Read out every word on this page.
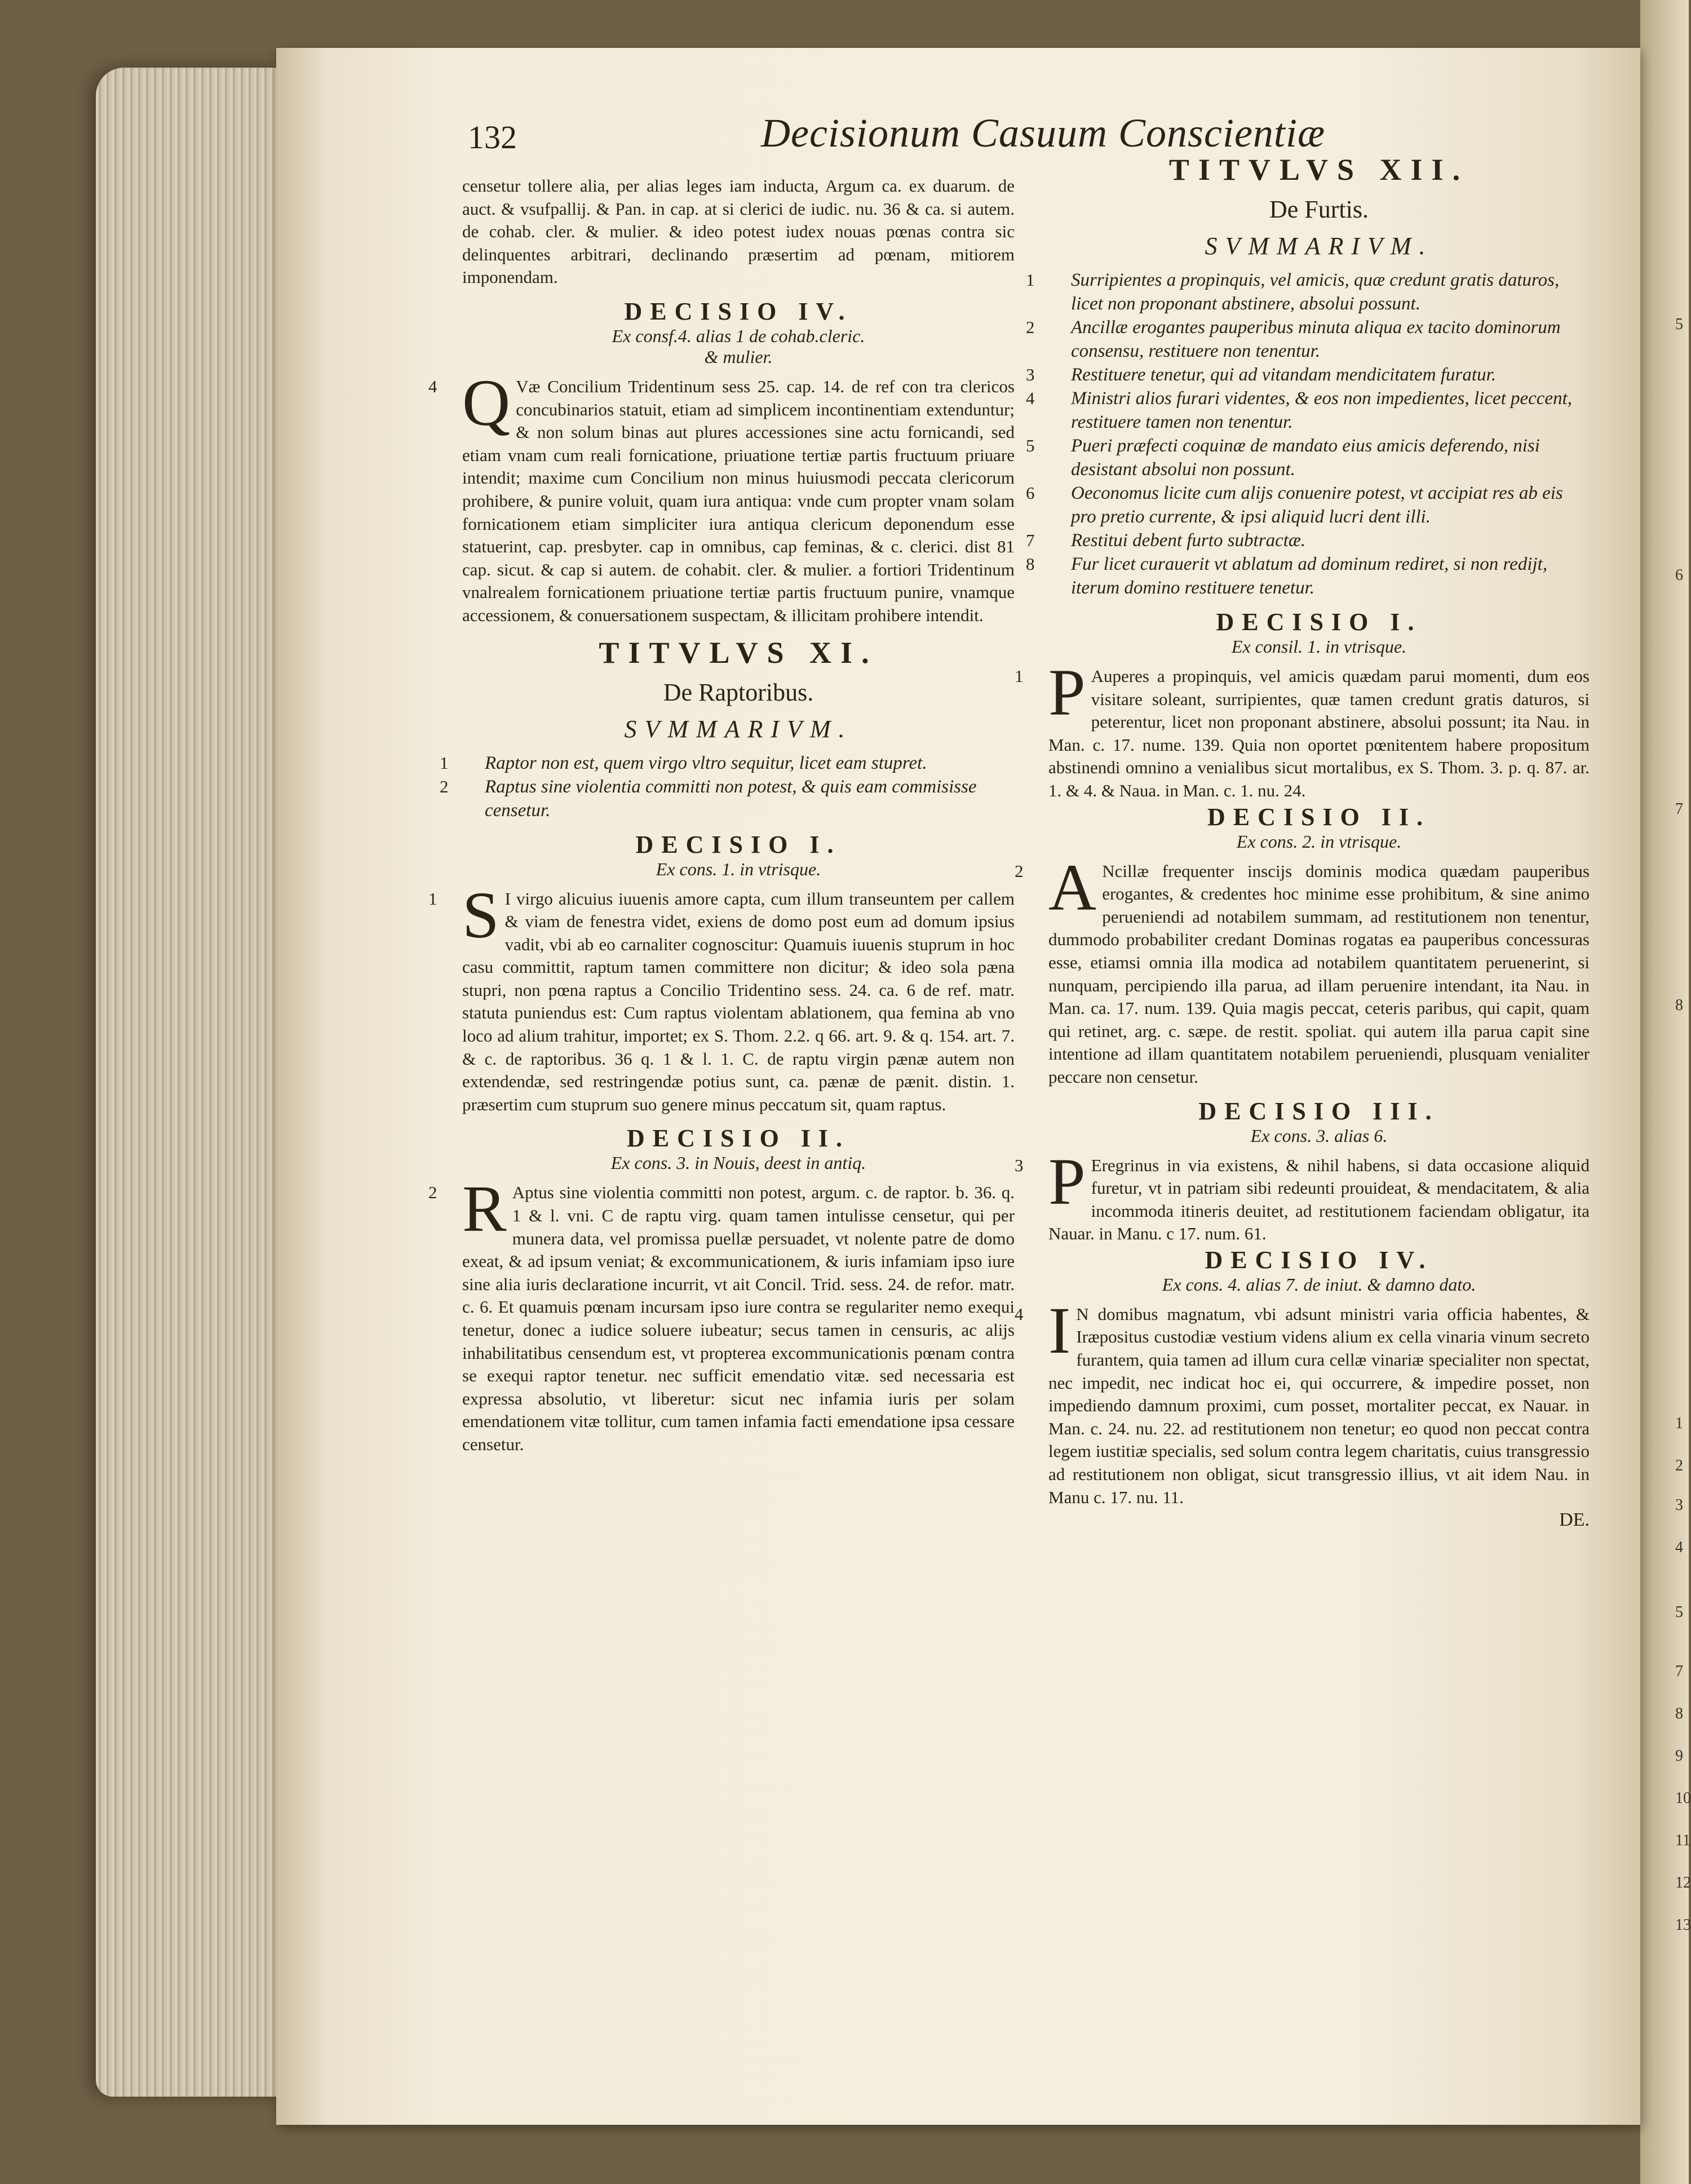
5
6
7
8
1
2
3
4
5
7
8
9
10
11
12
13
132	Decisionum Casuum Conscientiæ

censetur tollere alia, per alias leges iam inducta, Argum ca. ex duarum. de auct. & vsufpallij. & Pan. in cap. at si clerici de iudic. nu. 36 & ca. si autem. de cohab. cler. & mulier. & ideo potest iudex nouas pœnas contra sic delinquentes arbitrari, declinando præsertim ad pœnam, mitiorem imponendam.

DECISIO IV.

Ex consf.4. alias 1 de cohab.cleric.

& mulier.

4 Q Væ Concilium Tridentinum sess 25. cap. 14. de ref con tra clericos concubinarios statuit, etiam ad simplicem incontinentiam extenduntur; & non solum binas aut plures accessiones sine actu fornicandi, sed etiam vnam cum reali fornicatione, priuatione tertiæ partis fructuum priuare intendit; maxime cum Concilium non minus huiusmodi peccata clericorum prohibere, & punire voluit, quam iura antiqua: vnde cum propter vnam solam fornicationem etiam simpliciter iura antiqua clericum deponendum esse statuerint, cap. presbyter. cap in omnibus, cap feminas, & c. clerici. dist 81 cap. sicut. & cap si autem. de cohabit. cler. & mulier. a fortiori Tridentinum vnalrealem fornicationem priuatione tertiæ partis fructuum punire, vnamque accessionem, & conuersationem suspectam, & illicitam prohibere intendit.

TITVLVS XI.

De Raptoribus.

SVMMARIVM.

1 Raptor non est, quem virgo vltro sequitur, licet eam stupret.

2 Raptus sine violentia committi non potest, & quis eam commisisse censetur.

DECISIO I.

Ex cons. 1. in vtrisque.

1 S I virgo alicuius iuuenis amore capta, cum illum transeuntem per callem & viam de fenestra videt, exiens de domo post eum ad domum ipsius vadit, vbi ab eo carnaliter cognoscitur: Quamuis iuuenis stuprum in hoc casu committit, raptum tamen committere non dicitur; & ideo sola pæna stupri, non pœna raptus a Concilio Tridentino sess. 24. ca. 6 de ref. matr. statuta puniendus est: Cum raptus violentam ablationem, qua femina ab vno loco ad alium trahitur, importet; ex S. Thom. 2.2. q 66. art. 9. & q. 154. art. 7. & c. de raptoribus. 36 q. 1 & l. 1. C. de raptu virgin pænæ autem non extendendæ, sed restringendæ potius sunt, ca. pænæ de pænit. distin. 1. præsertim cum stuprum suo genere minus peccatum sit, quam raptus.

DECISIO II.

Ex cons. 3. in Nouis, deest in antiq.

2 R Aptus sine violentia committi non potest, argum. c. de raptor. b. 36. q. 1 & l. vni. C de raptu virg. quam tamen intulisse censetur, qui per munera data, vel promissa puellæ persuadet, vt nolente patre de domo exeat, & ad ipsum veniat; & excommunicationem, & iuris infamiam ipso iure sine alia iuris declaratione incurrit, vt ait Concil. Trid. sess. 24. de refor. matr. c. 6. Et quamuis pœnam incursam ipso iure contra se regulariter nemo exequi tenetur, donec a iudice soluere iubeatur; secus tamen in censuris, ac alijs inhabilitatibus censendum est, vt propterea excommunicationis pœnam contra se exequi raptor tenetur. nec sufficit emendatio vitæ. sed necessaria est expressa absolutio, vt liberetur: sicut nec infamia iuris per solam emendationem vitæ tollitur, cum tamen infamia facti emendatione ipsa cessare censetur.

TITVLVS XII.

De Furtis.

SVMMARIVM.

1 Surripientes a propinquis, vel amicis, quæ credunt gratis daturos, licet non proponant abstinere, absolui possunt.

2 Ancillæ erogantes pauperibus minuta aliqua ex tacito dominorum consensu, restituere non tenentur.

3 Restituere tenetur, qui ad vitandam mendicitatem furatur.

4 Ministri alios furari videntes, & eos non impedientes, licet peccent, restituere tamen non tenentur.

5 Pueri præfecti coquinæ de mandato eius amicis deferendo, nisi desistant absolui non possunt.

6 Oeconomus licite cum alijs conuenire potest, vt accipiat res ab eis pro pretio currente, & ipsi aliquid lucri dent illi.

7 Restitui debent furto subtractæ.

8 Fur licet curauerit vt ablatum ad dominum rediret, si non redijt, iterum domino restituere tenetur.

DECISIO I.

Ex consil. 1. in vtrisque.

1 P Auperes a propinquis, vel amicis quædam parui momenti, dum eos visitare soleant, surripientes, quæ tamen credunt gratis daturos, si peterentur, licet non proponant abstinere, absolui possunt; ita Nau. in Man. c. 17. nume. 139. Quia non oportet pœnitentem habere propositum abstinendi omnino a venialibus sicut mortalibus, ex S. Thom. 3. p. q. 87. ar. 1. & 4. & Naua. in Man. c. 1. nu. 24.

DECISIO II.

Ex cons. 2. in vtrisque.

2 A Ncillæ frequenter inscijs dominis modica quædam pauperibus erogantes, & credentes hoc minime esse prohibitum, & sine animo perueniendi ad notabilem summam, ad restitutionem non tenentur, dummodo probabiliter credant Dominas rogatas ea pauperibus concessuras esse, etiamsi omnia illa modica ad notabilem quantitatem peruenerint, si nunquam, percipiendo illa parua, ad illam peruenire intendant, ita Nau. in Man. ca. 17. num. 139. Quia magis peccat, ceteris paribus, qui capit, quam qui retinet, arg. c. sæpe. de restit. spoliat. qui autem illa parua capit sine intentione ad illam quantitatem notabilem perueniendi, plusquam venialiter peccare non censetur.

DECISIO III.

Ex cons. 3. alias 6.

3 P Eregrinus in via existens, & nihil habens, si data occasione aliquid furetur, vt in patriam sibi redeunti prouideat, & mendacitatem, & alia incommoda itineris deuitet, ad restitutionem faciendam obligatur, ita Nauar. in Manu. c 17. num. 61.

DECISIO IV.

Ex cons. 4. alias 7. de iniut. & damno dato.

4 I N domibus magnatum, vbi adsunt ministri varia officia habentes, & Iræpositus custodiæ vestium videns alium ex cella vinaria vinum secreto furantem, quia tamen ad illum cura cellæ vinariæ specialiter non spectat, nec impedit, nec indicat hoc ei, qui occurrere, & impedire posset, non impediendo damnum proximi, cum posset, mortaliter peccat, ex Nauar. in Man. c. 24. nu. 22. ad restitutionem non tenetur; eo quod non peccat contra legem iustitiæ specialis, sed solum contra legem charitatis, cuius transgressio ad restitutionem non obligat, sicut transgressio illius, vt ait idem Nau. in Manu c. 17. nu. 11.

DE.
